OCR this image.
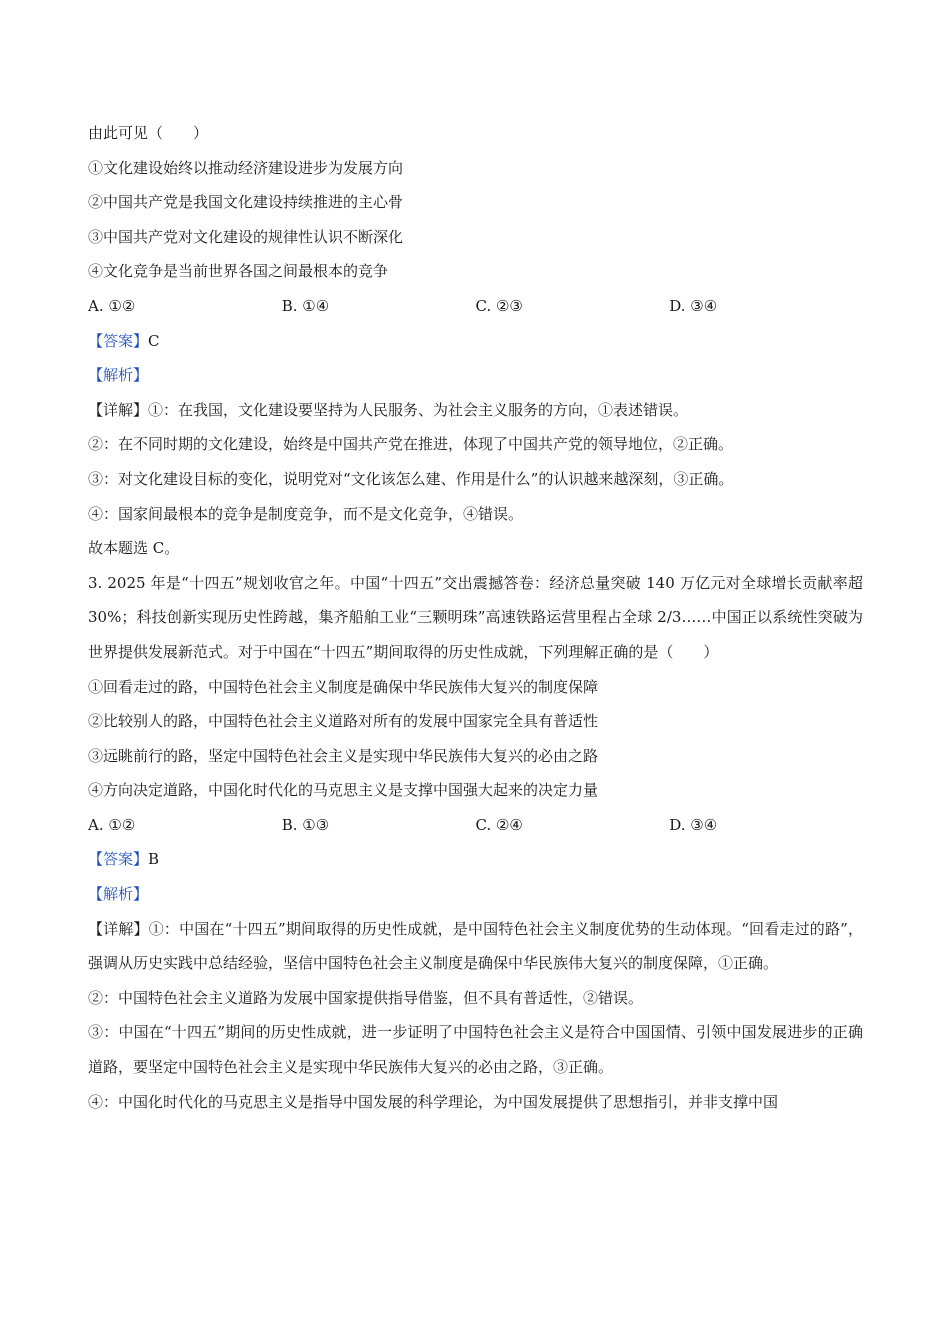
由此可见（　　）
①文化建设始终以推动经济建设进步为发展方向
②中国共产党是我国文化建设持续推进的主心骨
③中国共产党对文化建设的规律性认识不断深化
④文化竞争是当前世界各国之间最根本的竞争
A. ①②	B. ①④	C. ②③	D. ③④
【答案】C
【解析】
【详解】①：在我国，文化建设要坚持为人民服务、为社会主义服务的方向，①表述错误。
②：在不同时期的文化建设，始终是中国共产党在推进，体现了中国共产党的领导地位，②正确。
③：对文化建设目标的变化，说明党对“文化该怎么建、作用是什么”的认识越来越深刻，③正确。
④：国家间最根本的竞争是制度竞争，而不是文化竞争，④错误。
故本题选 C。
3. 2025 年是“十四五”规划收官之年。中国“十四五”交出震撼答卷：经济总量突破 140 万亿元对全球增长贡献率超 30%；科技创新实现历史性跨越，集齐船舶工业“三颗明珠”高速铁路运营里程占全球 2/3……中国正以系统性突破为世界提供发展新范式。对于中国在“十四五”期间取得的历史性成就，下列理解正确的是（　　）
①回看走过的路，中国特色社会主义制度是确保中华民族伟大复兴的制度保障
②比较别人的路，中国特色社会主义道路对所有的发展中国家完全具有普适性
③远眺前行的路，坚定中国特色社会主义是实现中华民族伟大复兴的必由之路
④方向决定道路，中国化时代化的马克思主义是支撑中国强大起来的决定力量
A. ①②	B. ①③	C. ②④	D. ③④
【答案】B
【解析】
【详解】①：中国在“十四五”期间取得的历史性成就，是中国特色社会主义制度优势的生动体现。“回看走过的路”，强调从历史实践中总结经验，坚信中国特色社会主义制度是确保中华民族伟大复兴的制度保障，①正确。
②：中国特色社会主义道路为发展中国家提供指导借鉴，但不具有普适性，②错误。
③：中国在“十四五”期间的历史性成就，进一步证明了中国特色社会主义是符合中国国情、引领中国发展进步的正确道路，要坚定中国特色社会主义是实现中华民族伟大复兴的必由之路，③正确。
④：中国化时代化的马克思主义是指导中国发展的科学理论，为中国发展提供了思想指引，并非支撑中国
